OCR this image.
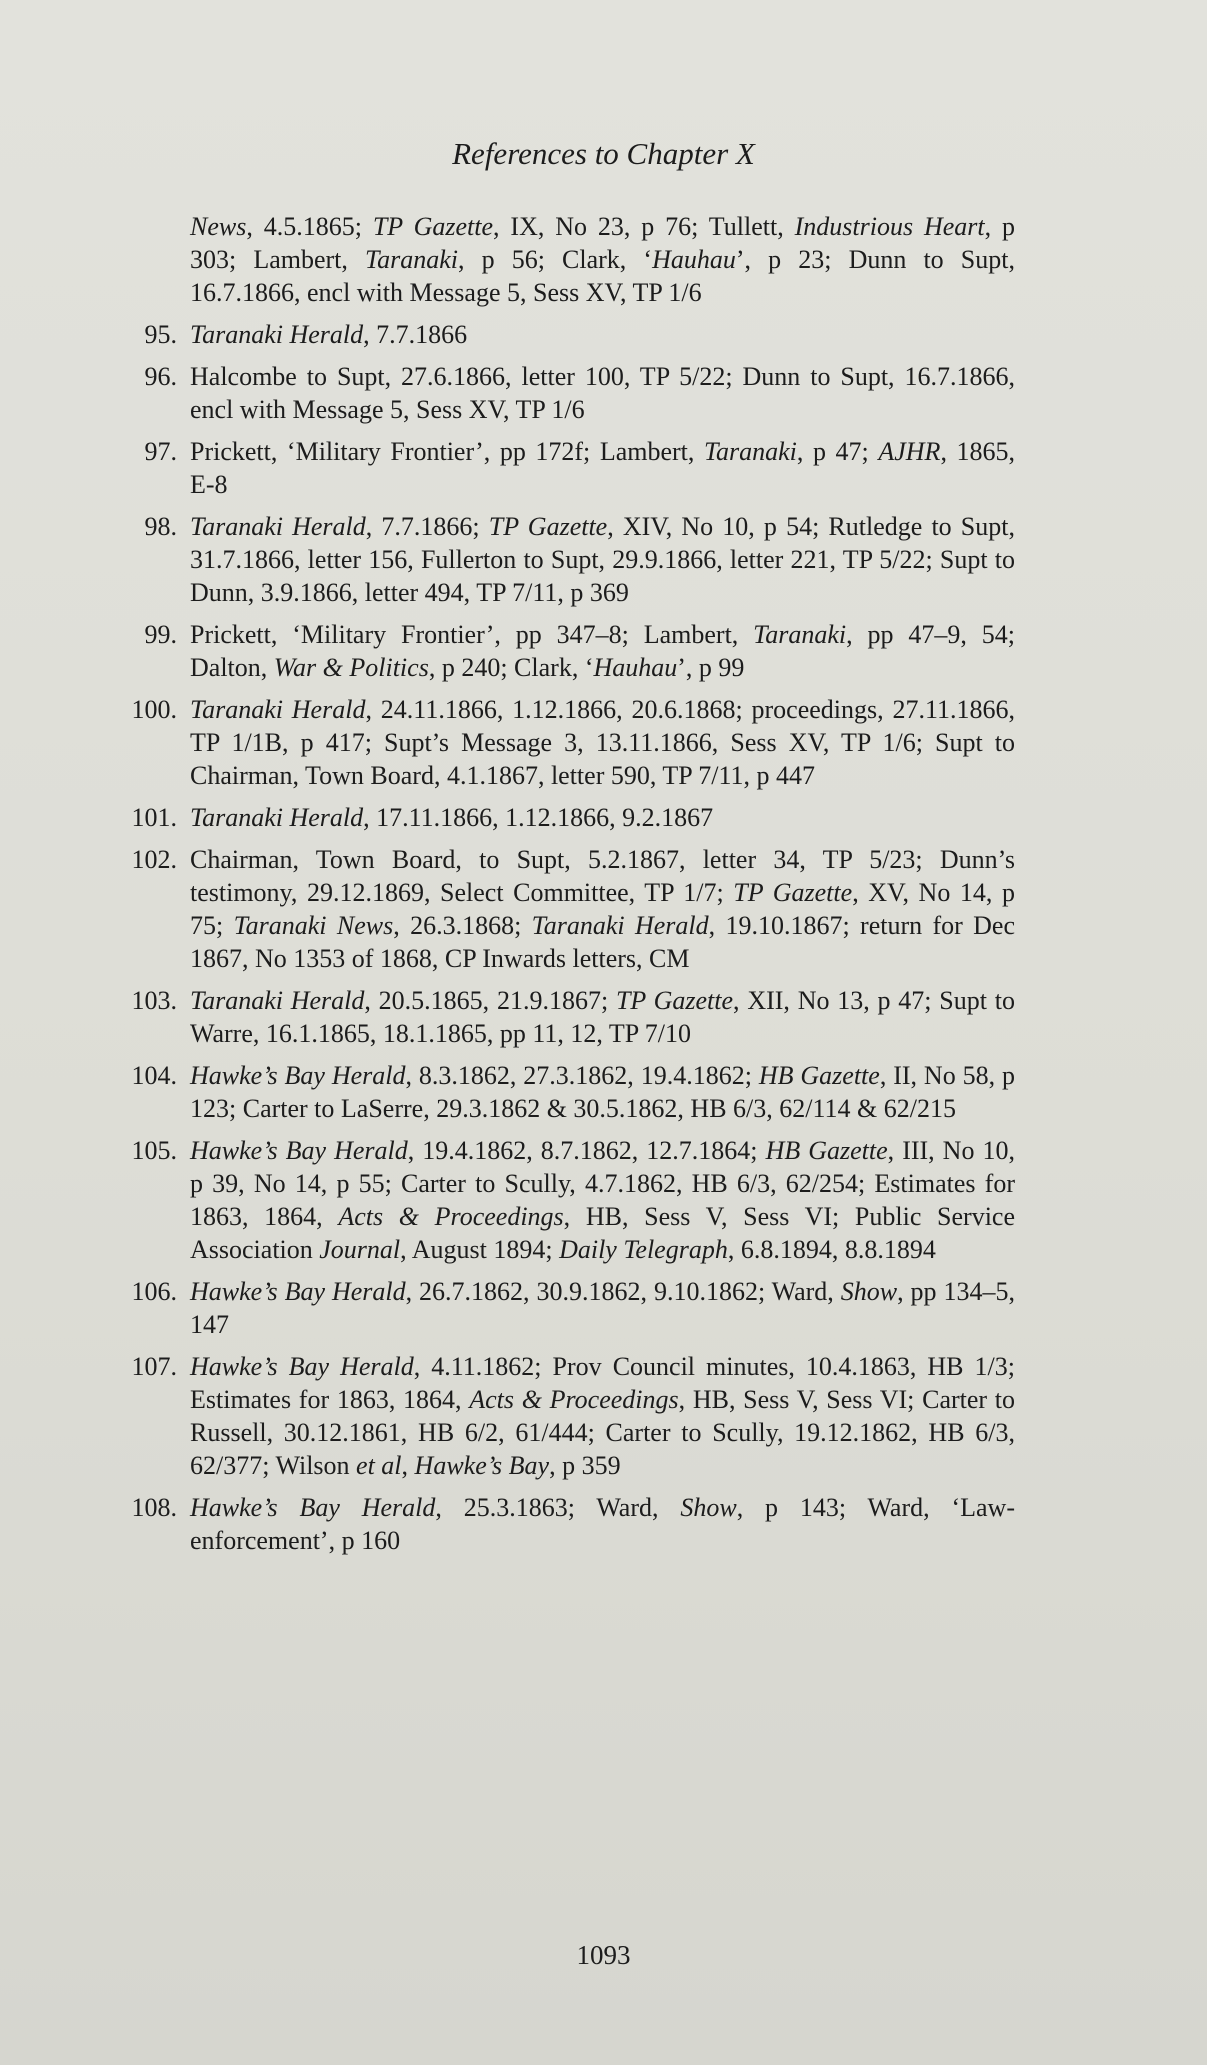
References to Chapter X
News, 4.5.1865; TP Gazette, IX, No 23, p 76; Tullett, Industrious Heart, p 303; Lambert, Taranaki, p 56; Clark, ‘Hauhau’, p 23; Dunn to Supt, 16.7.1866, encl with Message 5, Sess XV, TP 1/6
95. Taranaki Herald, 7.7.1866
96. Halcombe to Supt, 27.6.1866, letter 100, TP 5/22; Dunn to Supt, 16.7.1866, encl with Message 5, Sess XV, TP 1/6
97. Prickett, ‘Military Frontier’, pp 172f; Lambert, Taranaki, p 47; AJHR, 1865, E-8
98. Taranaki Herald, 7.7.1866; TP Gazette, XIV, No 10, p 54; Rutledge to Supt, 31.7.1866, letter 156, Fullerton to Supt, 29.9.1866, letter 221, TP 5/22; Supt to Dunn, 3.9.1866, letter 494, TP 7/11, p 369
99. Prickett, ‘Military Frontier’, pp 347–8; Lambert, Taranaki, pp 47–9, 54; Dalton, War & Politics, p 240; Clark, ‘Hauhau’, p 99
100. Taranaki Herald, 24.11.1866, 1.12.1866, 20.6.1868; proceedings, 27.11.1866, TP 1/1B, p 417; Supt’s Message 3, 13.11.1866, Sess XV, TP 1/6; Supt to Chairman, Town Board, 4.1.1867, letter 590, TP 7/11, p 447
101. Taranaki Herald, 17.11.1866, 1.12.1866, 9.2.1867
102. Chairman, Town Board, to Supt, 5.2.1867, letter 34, TP 5/23; Dunn’s testimony, 29.12.1869, Select Committee, TP 1/7; TP Gazette, XV, No 14, p 75; Taranaki News, 26.3.1868; Taranaki Herald, 19.10.1867; return for Dec 1867, No 1353 of 1868, CP Inwards letters, CM
103. Taranaki Herald, 20.5.1865, 21.9.1867; TP Gazette, XII, No 13, p 47; Supt to Warre, 16.1.1865, 18.1.1865, pp 11, 12, TP 7/10
104. Hawke’s Bay Herald, 8.3.1862, 27.3.1862, 19.4.1862; HB Gazette, II, No 58, p 123; Carter to LaSerre, 29.3.1862 & 30.5.1862, HB 6/3, 62/114 & 62/215
105. Hawke’s Bay Herald, 19.4.1862, 8.7.1862, 12.7.1864; HB Gazette, III, No 10, p 39, No 14, p 55; Carter to Scully, 4.7.1862, HB 6/3, 62/254; Estimates for 1863, 1864, Acts & Proceedings, HB, Sess V, Sess VI; Public Service Association Journal, August 1894; Daily Telegraph, 6.8.1894, 8.8.1894
106. Hawke’s Bay Herald, 26.7.1862, 30.9.1862, 9.10.1862; Ward, Show, pp 134–5, 147
107. Hawke’s Bay Herald, 4.11.1862; Prov Council minutes, 10.4.1863, HB 1/3; Estimates for 1863, 1864, Acts & Proceedings, HB, Sess V, Sess VI; Carter to Russell, 30.12.1861, HB 6/2, 61/444; Carter to Scully, 19.12.1862, HB 6/3, 62/377; Wilson et al, Hawke’s Bay, p 359
108. Hawke’s Bay Herald, 25.3.1863; Ward, Show, p 143; Ward, ‘Law-enforcement’, p 160
1093
